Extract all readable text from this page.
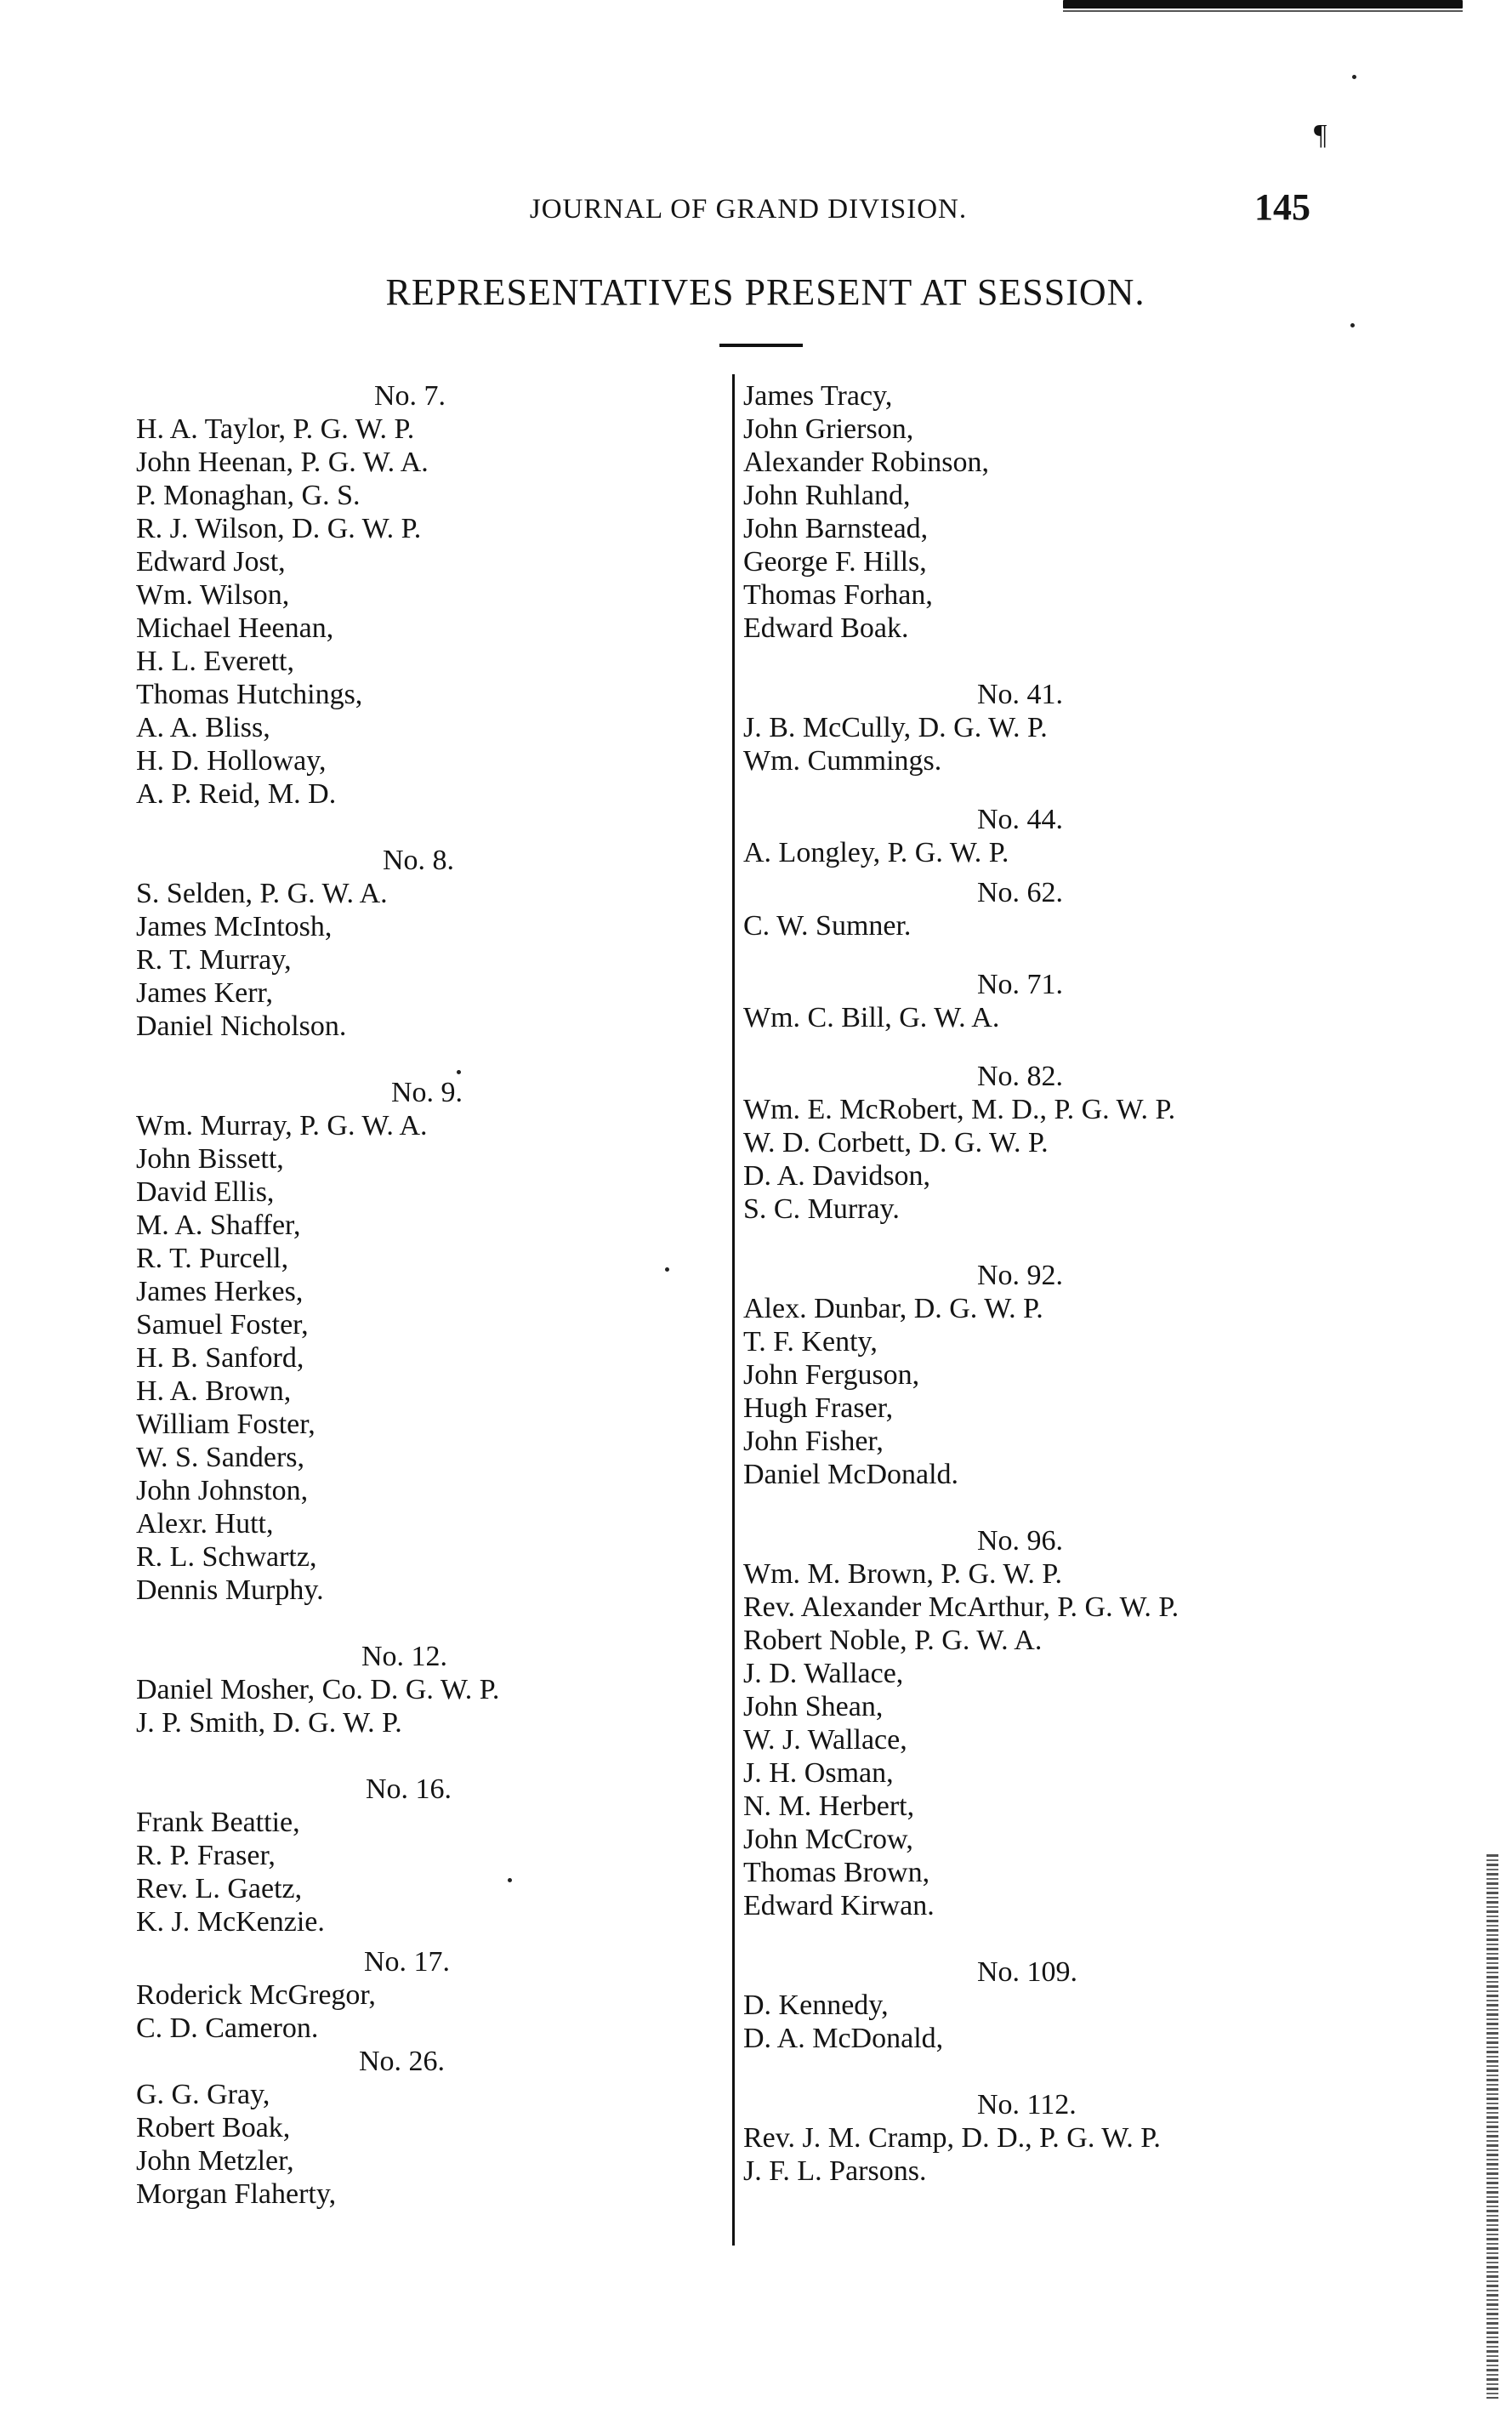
¶
JOURNAL OF GRAND DIVISION.	145
REPRESENTATIVES PRESENT AT SESSION.
No. 7.
H. A. Taylor, P. G. W. P.
John Heenan, P. G. W. A.
P. Monaghan, G. S.
R. J. Wilson, D. G. W. P.
Edward Jost,
Wm. Wilson,
Michael Heenan,
H. L. Everett,
Thomas Hutchings,
A. A. Bliss,
H. D. Holloway,
A. P. Reid, M. D.
No. 8.
S. Selden, P. G. W. A.
James McIntosh,
R. T. Murray,
James Kerr,
Daniel Nicholson.
No. 9.
Wm. Murray, P. G. W. A.
John Bissett,
David Ellis,
M. A. Shaffer,
R. T. Purcell,
James Herkes,
Samuel Foster,
H. B. Sanford,
H. A. Brown,
William Foster,
W. S. Sanders,
John Johnston,
Alexr. Hutt,
R. L. Schwartz,
Dennis Murphy.
No. 12.
Daniel Mosher, Co. D. G. W. P.
J. P. Smith, D. G. W. P.
No. 16.
Frank Beattie,
R. P. Fraser,
Rev. L. Gaetz,
K. J. McKenzie.
No. 17.
Roderick McGregor,
C. D. Cameron.
No. 26.
G. G. Gray,
Robert Boak,
John Metzler,
Morgan Flaherty,
James Tracy,
John Grierson,
Alexander Robinson,
John Ruhland,
John Barnstead,
George F. Hills,
Thomas Forhan,
Edward Boak.
No. 41.
J. B. McCully, D. G. W. P.
Wm. Cummings.
No. 44.
A. Longley, P. G. W. P.
No. 62.
C. W. Sumner.
No. 71.
Wm. C. Bill, G. W. A.
No. 82.
Wm. E. McRobert, M. D., P. G. W. P.
W. D. Corbett, D. G. W. P.
D. A. Davidson,
S. C. Murray.
No. 92.
Alex. Dunbar, D. G. W. P.
T. F. Kenty,
John Ferguson,
Hugh Fraser,
John Fisher,
Daniel McDonald.
No. 96.
Wm. M. Brown, P. G. W. P.
Rev. Alexander McArthur, P. G. W. P.
Robert Noble, P. G. W. A.
J. D. Wallace,
John Shean,
W. J. Wallace,
J. H. Osman,
N. M. Herbert,
John McCrow,
Thomas Brown,
Edward Kirwan.
No. 109.
D. Kennedy,
D. A. McDonald,
No. 112.
Rev. J. M. Cramp, D. D., P. G. W. P.
J. F. L. Parsons.
